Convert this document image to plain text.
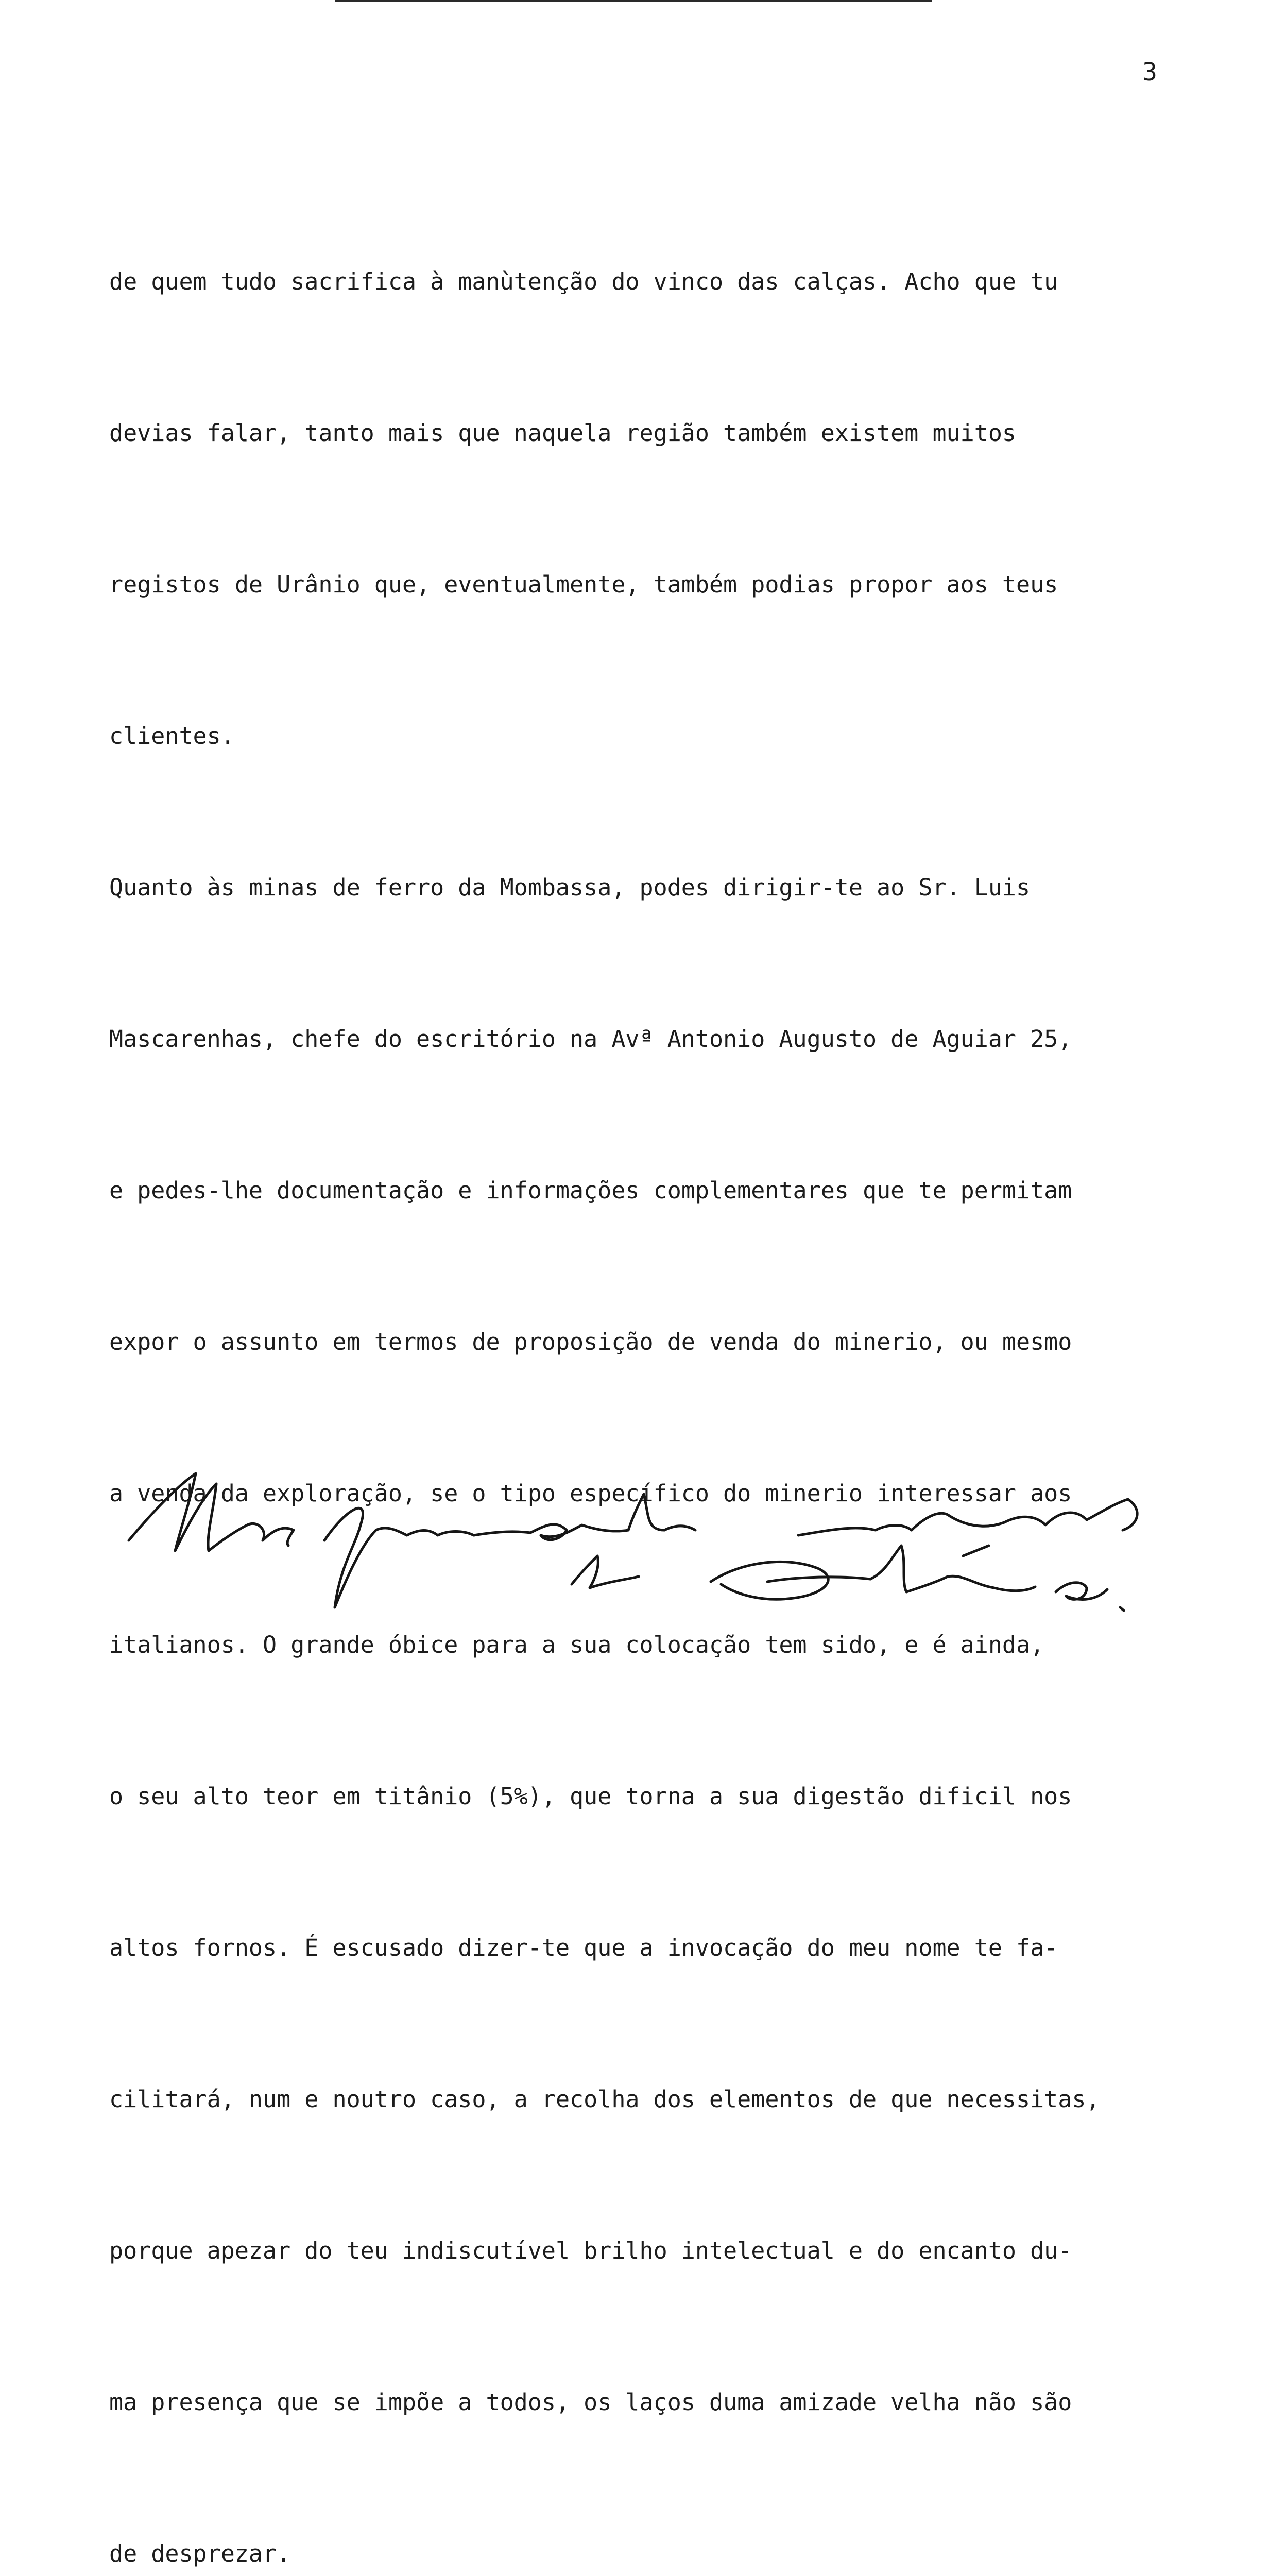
3

de quem tudo sacrifica à manùtenção do vinco das calças. Acho que tu

devias falar, tanto mais que naquela região também existem muitos

registos de Urânio que, eventualmente, também podias propor aos teus

clientes.

Quanto às minas de ferro da Mombassa, podes dirigir-te ao Sr. Luis

Mascarenhas, chefe do escritório na Avª Antonio Augusto de Aguiar 25,

e pedes-lhe documentação e informações complementares que te permitam

expor o assunto em termos de proposição de venda do minerio, ou mesmo

a venda da exploração, se o tipo específico do minerio interessar aos

italianos. O grande óbice para a sua colocação tem sido, e é ainda,

o seu alto teor em titânio (5%), que torna a sua digestão dificil nos

altos fornos. É escusado dizer-te que a invocação do meu nome te fa-

cilitará, num e noutro caso, a recolha dos elementos de que necessitas,

porque apezar do teu indiscutível brilho intelectual e do encanto du-

ma presença que se impõe a todos, os laços duma amizade velha não são

de desprezar.
